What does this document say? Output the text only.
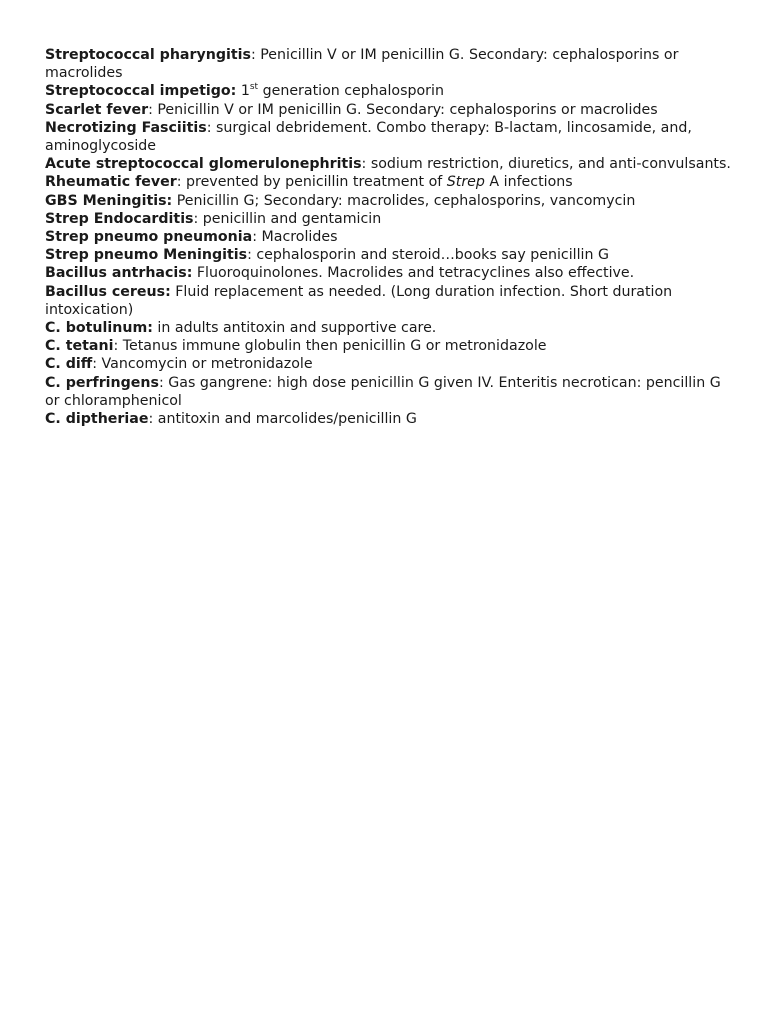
Streptococcal pharyngitis: Penicillin V or IM penicillin G. Secondary: cephalosporins or macrolides

Streptococcal impetigo: 1st generation cephalosporin

Scarlet fever: Penicillin V or IM penicillin G. Secondary: cephalosporins or macrolides

Necrotizing Fasciitis: surgical debridement. Combo therapy: B-lactam, lincosamide, and, aminoglycoside

Acute streptococcal glomerulonephritis: sodium restriction, diuretics, and anti-convulsants.

Rheumatic fever: prevented by penicillin treatment of Strep A infections

GBS Meningitis: Penicillin G; Secondary: macrolides, cephalosporins, vancomycin

Strep Endocarditis: penicillin and gentamicin

Strep pneumo pneumonia: Macrolides

Strep pneumo Meningitis: cephalosporin and steroid…books say penicillin G

Bacillus antrhacis: Fluoroquinolones. Macrolides and tetracyclines also effective.

Bacillus cereus: Fluid replacement as needed. (Long duration infection. Short duration intoxication)

C. botulinum: in adults antitoxin and supportive care.

C. tetani: Tetanus immune globulin then penicillin G or metronidazole

C. diff: Vancomycin or metronidazole

C. perfringens: Gas gangrene: high dose penicillin G given IV. Enteritis necrotican: pencillin G or chloramphenicol

C. diptheriae: antitoxin and marcolides/penicillin G
